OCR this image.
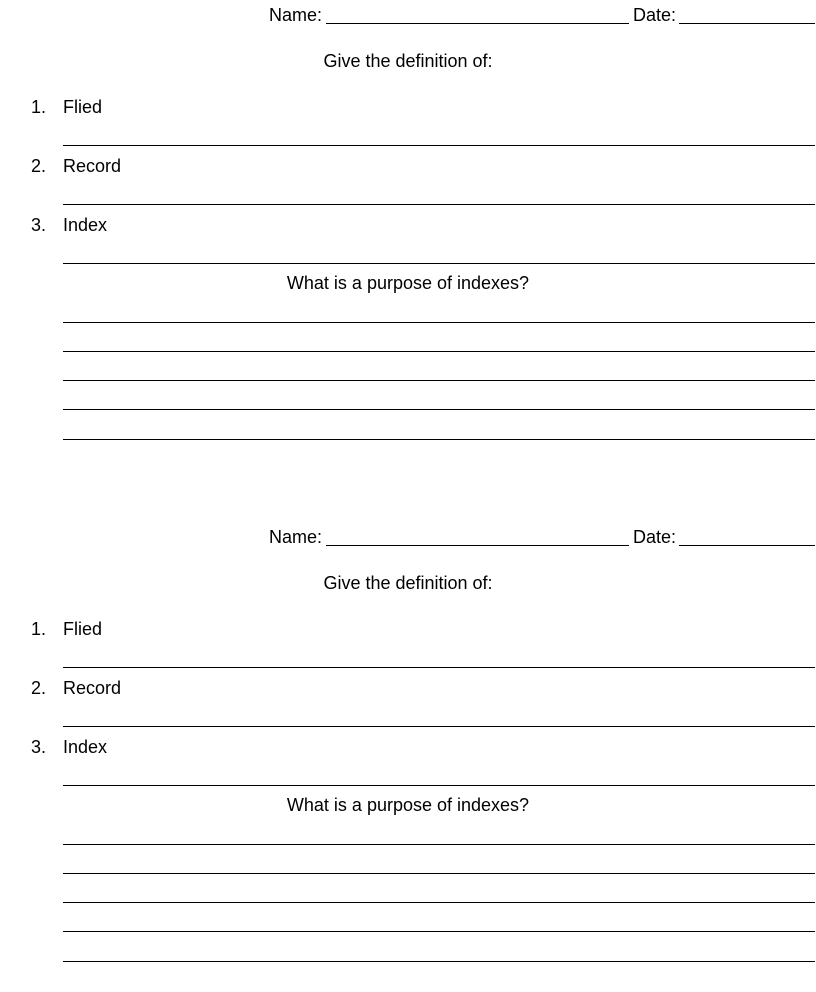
Name:	Date:
Give the definition of:
1. Flied
2. Record
3. Index
What is a purpose of indexes?
Name:	Date:
Give the definition of:
1. Flied
2. Record
3. Index
What is a purpose of indexes?
